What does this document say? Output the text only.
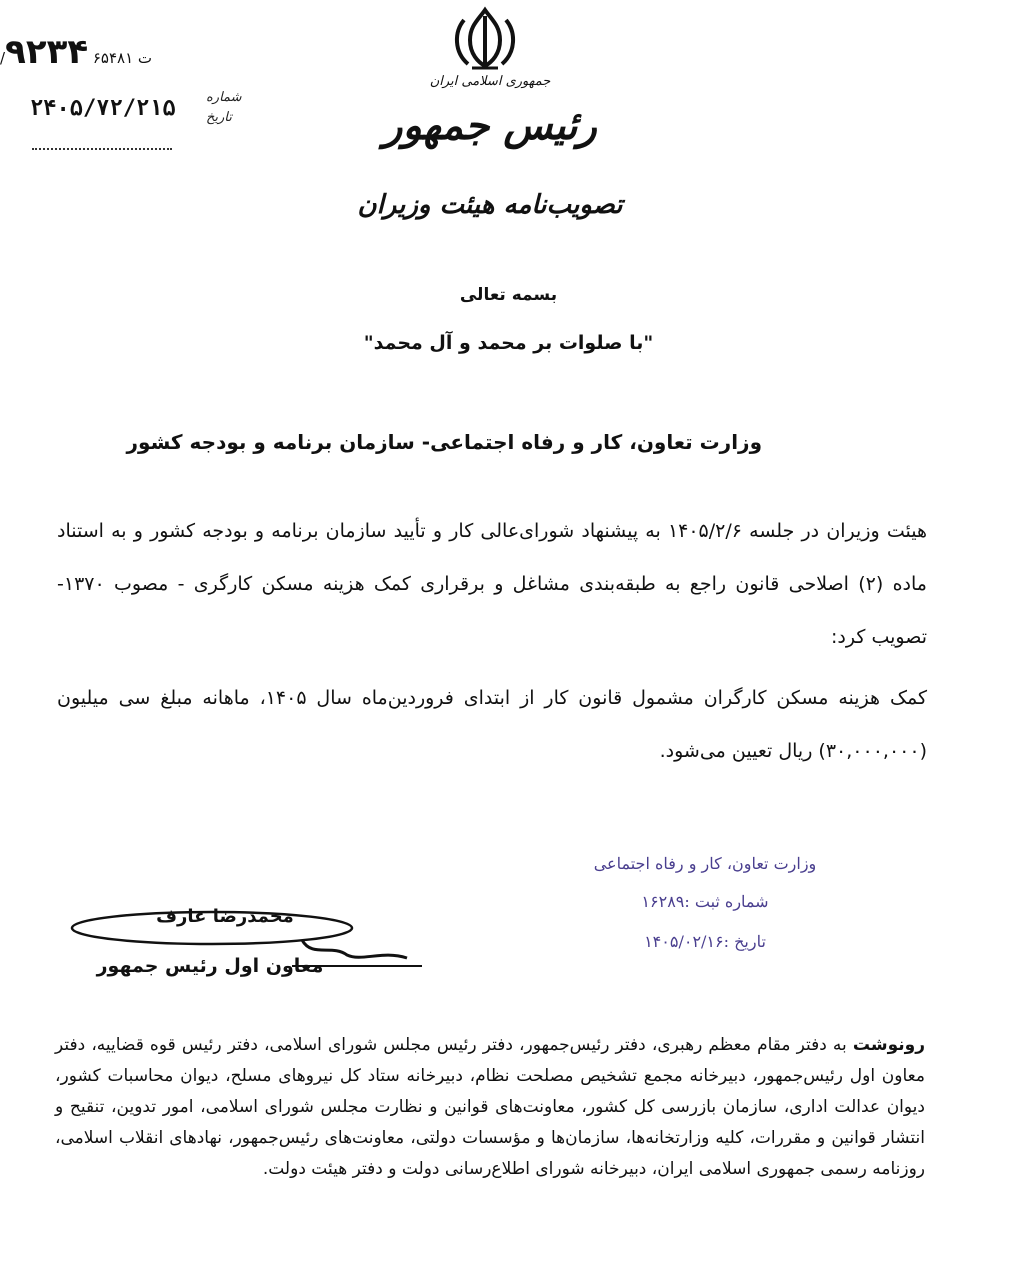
/ت ۶۵۴۸۱ ۹۲۳۴
۲۴۰۵/۷۲/۲۱۵ شماره
تاریخ
جمهوری اسلامی ایران
رئیس جمهور
تصویب‌نامه هیئت وزیران
بسمه تعالی
"با صلوات بر محمد و آل محمد"
وزارت تعاون، کار و رفاه اجتماعی- سازمان برنامه و بودجه کشور
هیئت وزیران در جلسه ۱۴۰۵/۲/۶ به پیشنهاد شورای‌عالی کار و تأیید سازمان برنامه و بودجه کشور و به استناد ماده (۲) اصلاحی قانون راجع به طبقه‌بندی مشاغل و برقراری کمک هزینه مسکن کارگری - مصوب ۱۳۷۰- تصویب کرد:
کمک هزینه مسکن کارگران مشمول قانون کار از ابتدای فروردین‌ماه سال ۱۴۰۵، ماهانه مبلغ سی میلیون (۳۰,۰۰۰,۰۰۰) ریال تعیین می‌شود.
وزارت تعاون، کار و رفاه اجتماعی
شماره ثبت :۱۶۲۸۹
تاریخ :۱۴۰۵/۰۲/۱۶
محمدرضا عارف
معاون اول رئیس جمهور
رونوشت به دفتر مقام معظم رهبری، دفتر رئیس‌جمهور، دفتر رئیس مجلس شورای اسلامی، دفتر رئیس قوه قضاییه، دفتر معاون اول رئیس‌جمهور، دبیرخانه مجمع تشخیص مصلحت نظام، دبیرخانه ستاد کل نیروهای مسلح، دیوان محاسبات کشور، دیوان عدالت اداری، سازمان بازرسی کل کشور، معاونت‌های قوانین و نظارت مجلس شورای اسلامی، امور تدوین، تنقیح و انتشار قوانین و مقررات، کلیه وزارتخانه‌ها، سازمان‌ها و مؤسسات دولتی، معاونت‌های رئیس‌جمهور، نهادهای انقلاب اسلامی، روزنامه رسمی جمهوری اسلامی ایران، دبیرخانه شورای اطلاع‌رسانی دولت و دفتر هیئت دولت.
